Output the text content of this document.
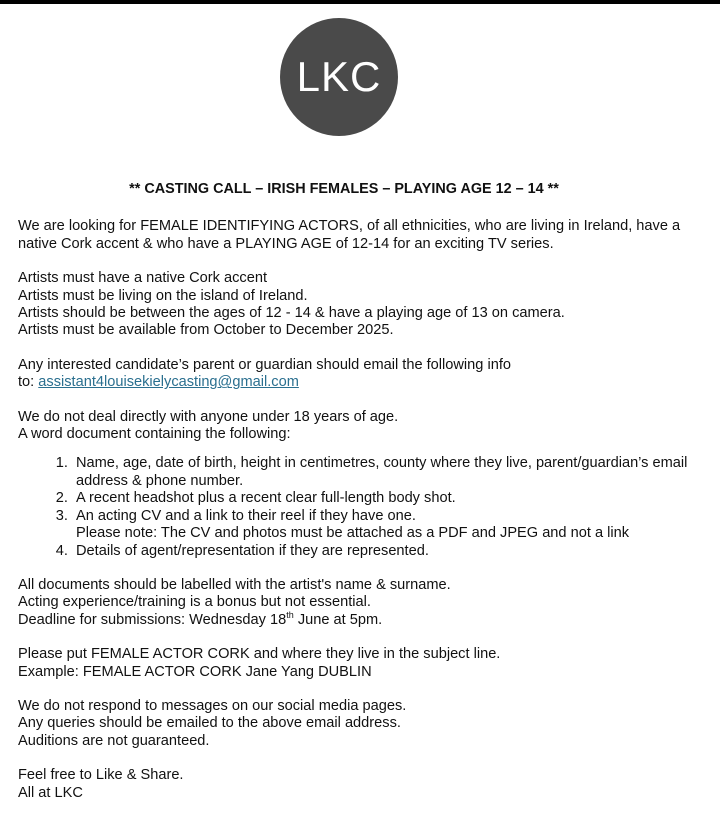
LKC

** CASTING CALL – IRISH FEMALES – PLAYING AGE 12 – 14 **

We are looking for FEMALE IDENTIFYING ACTORS, of all ethnicities, who are living in Ireland, have a native Cork accent & who have a PLAYING AGE of 12-14 for an exciting TV series.

Artists must have a native Cork accent

Artists must be living on the island of Ireland.

Artists should be between the ages of 12 - 14 & have a playing age of 13 on camera.

Artists must be available from October to December 2025.

Any interested candidate’s parent or guardian should email the following info

to: assistant4louisekielycasting@gmail.com

We do not deal directly with anyone under 18 years of age.

A word document containing the following:

1. Name, age, date of birth, height in centimetres, county where they live, parent/guardian’s email address & phone number.
2. A recent headshot plus a recent clear full-length body shot.
3. An acting CV and a link to their reel if they have one.
Please note: The CV and photos must be attached as a PDF and JPEG and not a link
4. Details of agent/representation if they are represented.

All documents should be labelled with the artist's name & surname.

Acting experience/training is a bonus but not essential.

Deadline for submissions: Wednesday 18th June at 5pm.

Please put FEMALE ACTOR CORK and where they live in the subject line.

Example: FEMALE ACTOR CORK Jane Yang DUBLIN

We do not respond to messages on our social media pages.

Any queries should be emailed to the above email address.

Auditions are not guaranteed.

Feel free to Like & Share.

All at LKC
